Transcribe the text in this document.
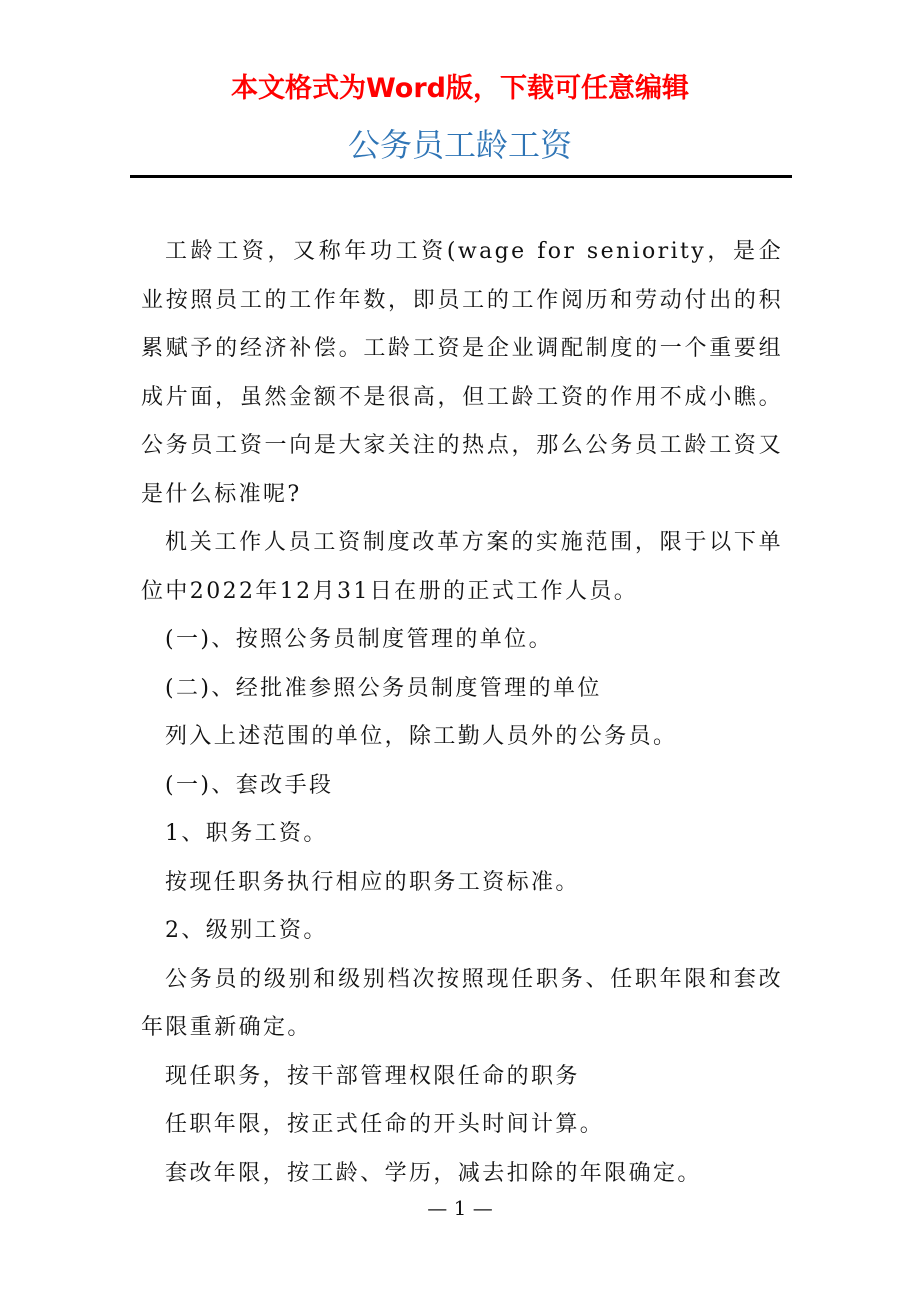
本文格式为Word版，下载可任意编辑
公务员工龄工资

工龄工资，又称年功工资(wage for seniority，是企业按照员工的工作年数，即员工的工作阅历和劳动付出的积累赋予的经济补偿。工龄工资是企业调配制度的一个重要组成片面，虽然金额不是很高，但工龄工资的作用不成小瞧。公务员工资一向是大家关注的热点，那么公务员工龄工资又是什么标准呢?

机关工作人员工资制度改革方案的实施范围，限于以下单位中2022年12月31日在册的正式工作人员。

(一)、按照公务员制度管理的单位。

(二)、经批准参照公务员制度管理的单位

列入上述范围的单位，除工勤人员外的公务员。

(一)、套改手段

1、职务工资。

按现任职务执行相应的职务工资标准。

2、级别工资。

公务员的级别和级别档次按照现任职务、任职年限和套改年限重新确定。

现任职务，按干部管理权限任命的职务

任职年限，按正式任命的开头时间计算。

套改年限，按工龄、学历，减去扣除的年限确定。

— 1 —
